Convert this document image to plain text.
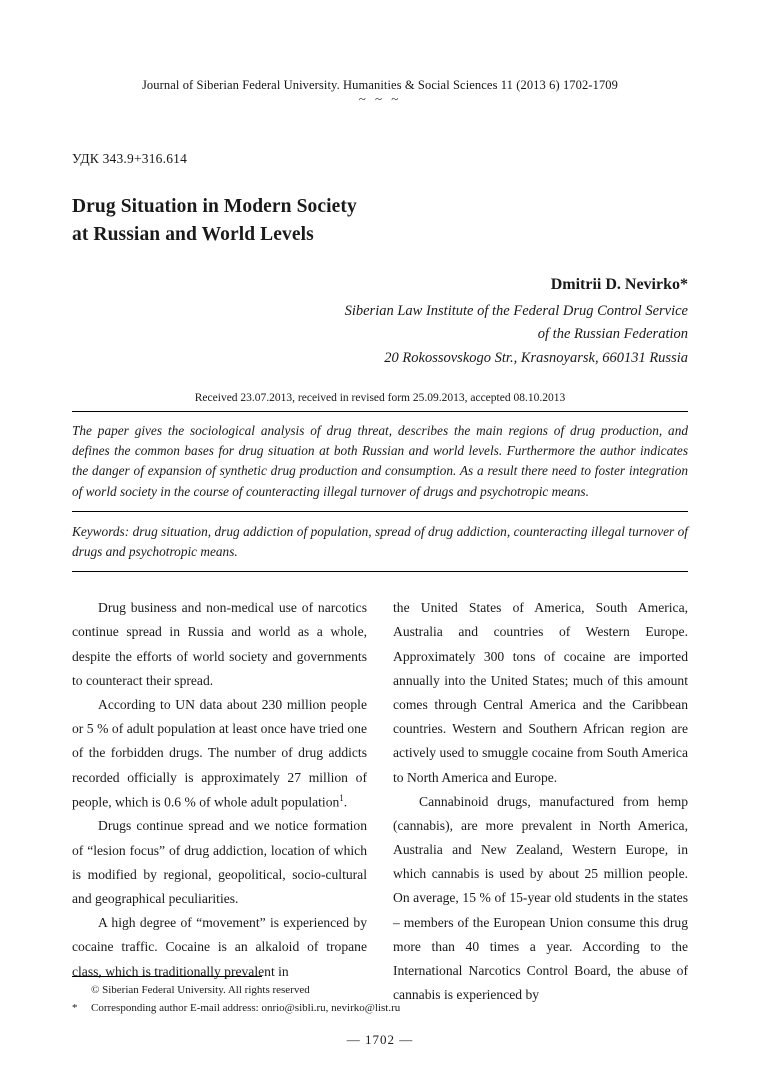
Journal of Siberian Federal University. Humanities & Social Sciences 11 (2013 6) 1702-1709
~ ~ ~
УДК 343.9+316.614
Drug Situation in Modern Society
at Russian and World Levels
Dmitrii D. Nevirko*
Siberian Law Institute of the Federal Drug Control Service
of the Russian Federation
20 Rokossovskogo Str., Krasnoyarsk, 660131 Russia
Received 23.07.2013, received in revised form 25.09.2013, accepted 08.10.2013
The paper gives the sociological analysis of drug threat, describes the main regions of drug production, and defines the common bases for drug situation at both Russian and world levels. Furthermore the author indicates the danger of expansion of synthetic drug production and consumption. As a result there need to foster integration of world society in the course of counteracting illegal turnover of drugs and psychotropic means.
Keywords: drug situation, drug addiction of population, spread of drug addiction, counteracting illegal turnover of drugs and psychotropic means.

Drug business and non-medical use of narcotics continue spread in Russia and world as a whole, despite the efforts of world society and governments to counteract their spread.

According to UN data about 230 million people or 5 % of adult population at least once have tried one of the forbidden drugs. The number of drug addicts recorded officially is approximately 27 million of people, which is 0.6 % of whole adult population$^1$.

Drugs continue spread and we notice formation of “lesion focus” of drug addiction, location of which is modified by regional, geopolitical, socio-cultural and geographical peculiarities.

A high degree of “movement” is experienced by cocaine traffic. Cocaine is an alkaloid of tropane class, which is traditionally prevalent in

the United States of America, South America, Australia and countries of Western Europe. Approximately 300 tons of cocaine are imported annually into the United States; much of this amount comes through Central America and the Caribbean countries. Western and Southern African region are actively used to smuggle cocaine from South America to North America and Europe.

Cannabinoid drugs, manufactured from hemp (cannabis), are more prevalent in North America, Australia and New Zealand, Western Europe, in which cannabis is used by about 25 million people. On average, 15 % of 15-year old students in the states – members of the European Union consume this drug more than 40 times a year. According to the International Narcotics Control Board, the abuse of cannabis is experienced by

© Siberian Federal University. All rights reserved
*	Corresponding author E-mail address: onrio@sibli.ru, nevirko@list.ru
— 1702 —
